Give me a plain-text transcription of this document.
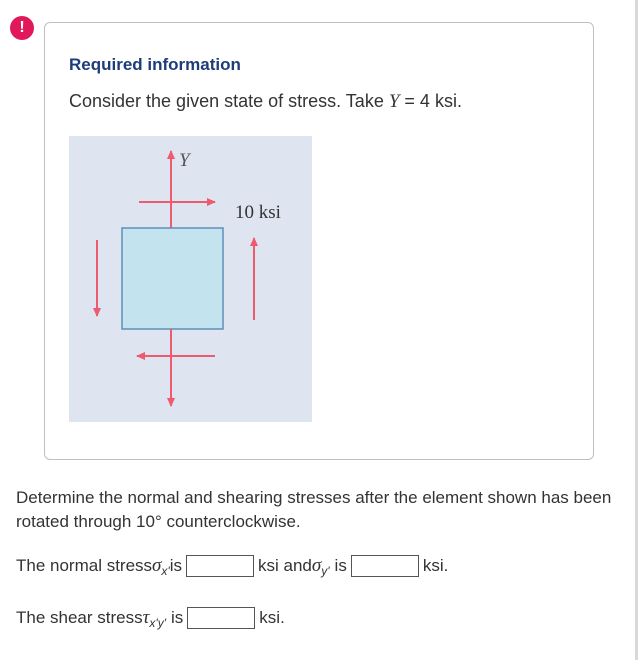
!
Required information
Consider the given state of stress. Take Y = 4 ksi.
Y
10 ksi
Determine the normal and shearing stresses after the element shown has been rotated through 10° counterclockwise.
The normal stress σ x' is	ksi and σ y' is	ksi.
The shear stress τ x'y' is	ksi.
